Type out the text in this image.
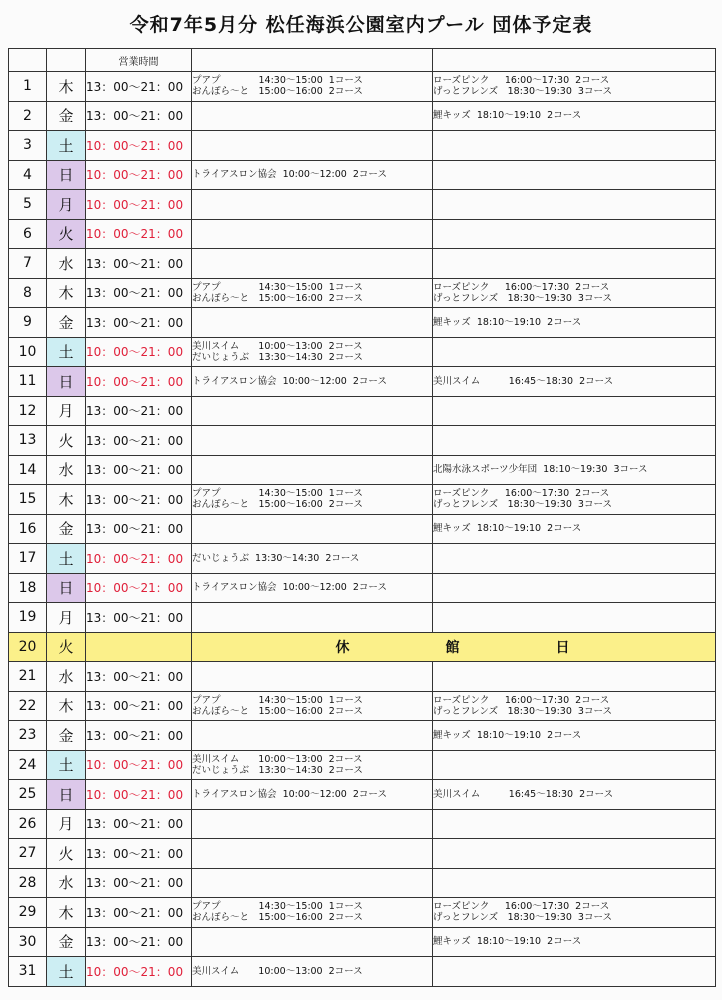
令和7年5月分 松任海浜公園室内プール 団体予定表
		営業時間		
1	木	13：00～21：00	プアプ　　　　14:30～15:00  1コース
おんぽら～と　15:00～16:00  2コース	ローズピンク　  16:00～17:30  2コース
げっとフレンズ　18:30～19:30  3コース

2	金	13：00～21：00		鯉キッズ  18:10～19:10  2コース

3	土	10：00～21：00		
4	日	10：00～21：00	トライアスロン協会  10:00～12:00  2コース	

5	月	10：00～21：00		
6	火	10：00～21：00		
7	水	13：00～21：00		
8	木	13：00～21：00	プアプ　　　　14:30～15:00  1コース
おんぽら～と　15:00～16:00  2コース	ローズピンク　  16:00～17:30  2コース
げっとフレンズ　18:30～19:30  3コース

9	金	13：00～21：00		鯉キッズ  18:10～19:10  2コース

10	土	10：00～21：00	美川スイム　　10:00～13:00  2コース
だいじょうぶ　13:30～14:30  2コース	

11	日	10：00～21：00	トライアスロン協会  10:00～12:00  2コース	美川スイム　　　16:45～18:30  2コース

12	月	13：00～21：00		
13	火	13：00～21：00		
14	水	13：00～21：00		北陽水泳スポーツ少年団  18:10～19:30  3コース

15	木	13：00～21：00	プアプ　　　　14:30～15:00  1コース
おんぽら～と　15:00～16:00  2コース	ローズピンク　  16:00～17:30  2コース
げっとフレンズ　18:30～19:30  3コース

16	金	13：00～21：00		鯉キッズ  18:10～19:10  2コース

17	土	10：00～21：00	だいじょうぶ  13:30～14:30  2コース	

18	日	10：00～21：00	トライアスロン協会  10:00～12:00  2コース	

19	月	13：00～21：00		
20	火		休 館 日	
21	水	13：00～21：00		
22	木	13：00～21：00	プアプ　　　　14:30～15:00  1コース
おんぽら～と　15:00～16:00  2コース	ローズピンク　  16:00～17:30  2コース
げっとフレンズ　18:30～19:30  3コース

23	金	13：00～21：00		鯉キッズ  18:10～19:10  2コース

24	土	10：00～21：00	美川スイム　　10:00～13:00  2コース
だいじょうぶ　13:30～14:30  2コース	

25	日	10：00～21：00	トライアスロン協会  10:00～12:00  2コース	美川スイム　　　16:45～18:30  2コース

26	月	13：00～21：00		
27	火	13：00～21：00		
28	水	13：00～21：00		
29	木	13：00～21：00	プアプ　　　　14:30～15:00  1コース
おんぽら～と　15:00～16:00  2コース	ローズピンク　  16:00～17:30  2コース
げっとフレンズ　18:30～19:30  3コース

30	金	13：00～21：00		鯉キッズ  18:10～19:10  2コース

31	土	10：00～21：00	美川スイム　　10:00～13:00  2コース	
